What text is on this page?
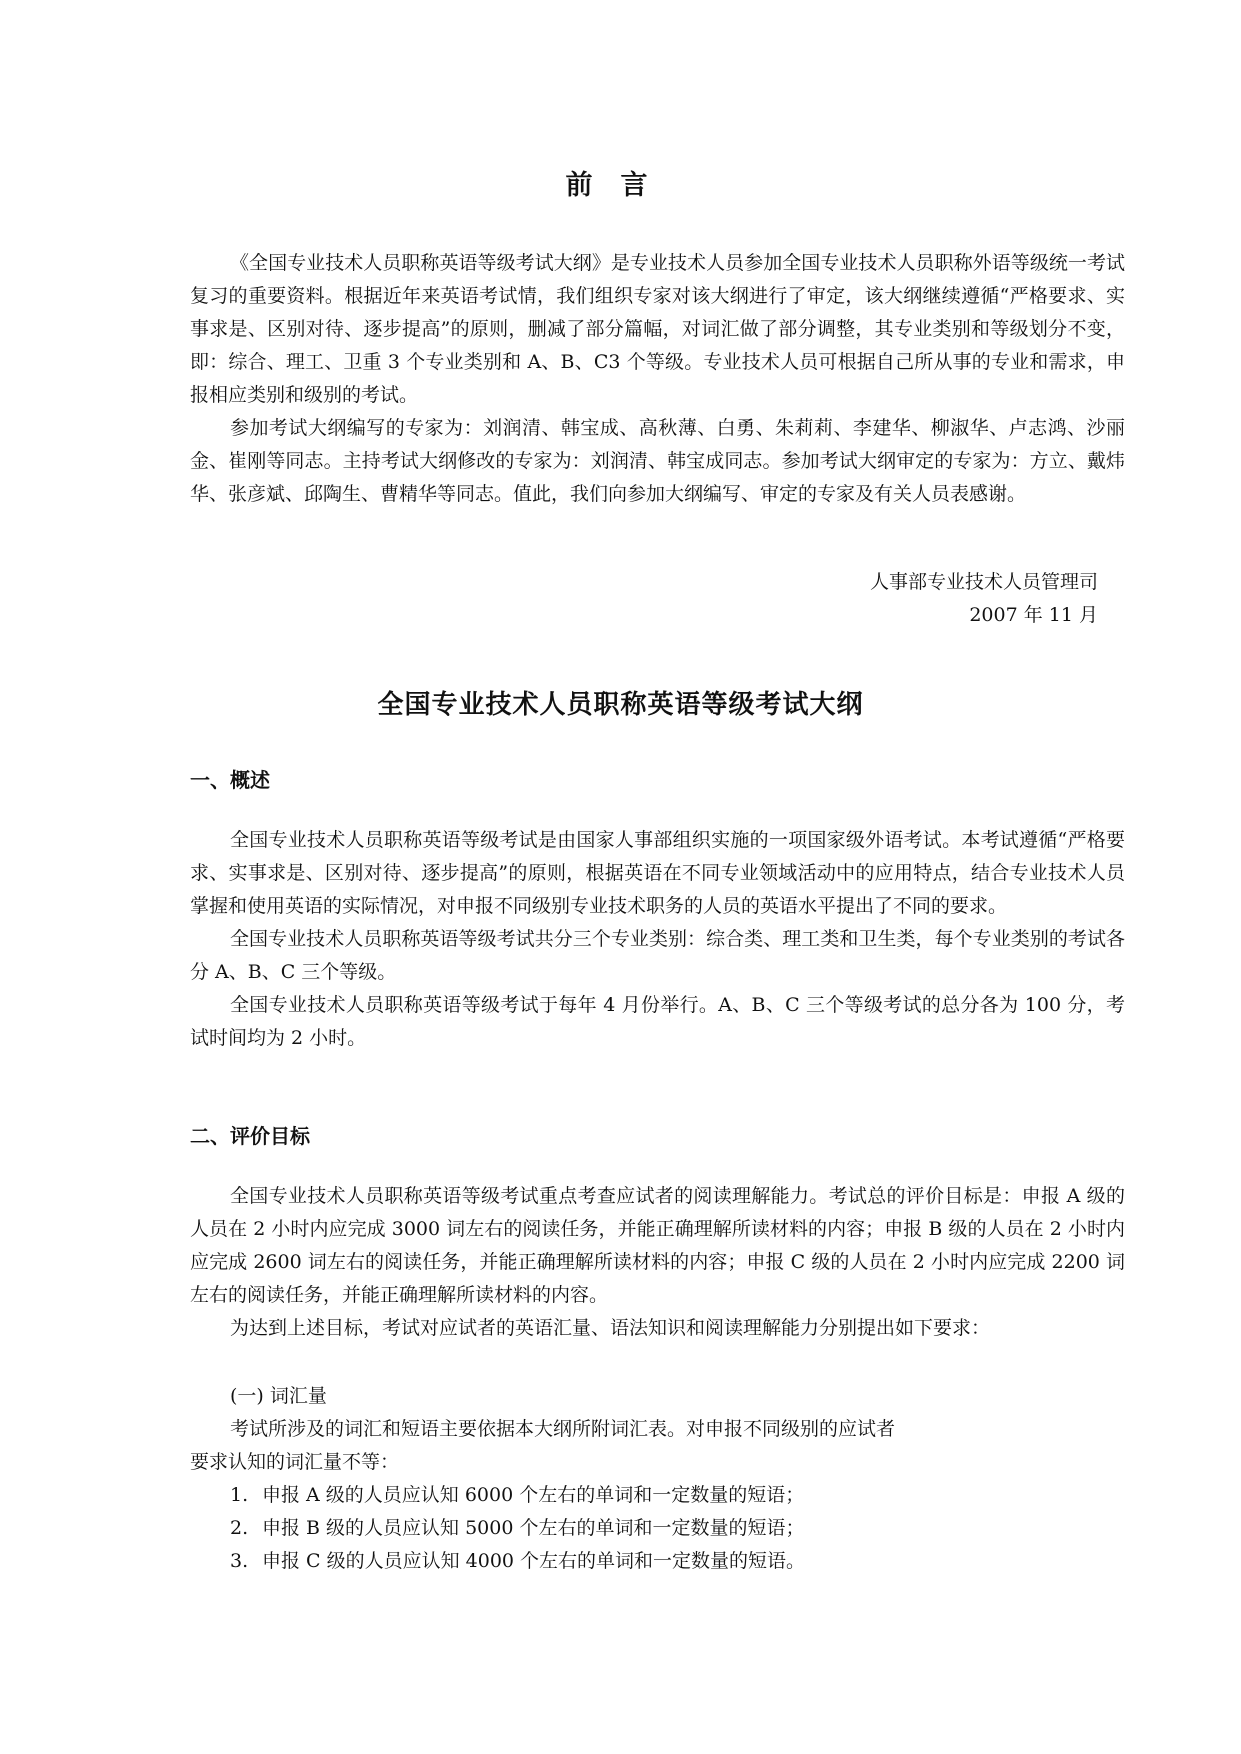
前言

《全国专业技术人员职称英语等级考试大纲》是专业技术人员参加全国专业技术人员职称外语等级统一考试复习的重要资料。根据近年来英语考试情，我们组织专家对该大纲进行了审定，该大纲继续遵循“严格要求、实事求是、区别对待、逐步提高”的原则，删减了部分篇幅，对词汇做了部分调整，其专业类别和等级划分不变，即：综合、理工、卫重 3 个专业类别和 A、B、C3 个等级。专业技术人员可根据自己所从事的专业和需求，申报相应类别和级别的考试。

参加考试大纲编写的专家为：刘润清、韩宝成、高秋薄、白勇、朱莉莉、李建华、柳淑华、卢志鸿、沙丽金、崔刚等同志。主持考试大纲修改的专家为：刘润清、韩宝成同志。参加考试大纲审定的专家为：方立、戴炜华、张彦斌、邱陶生、曹精华等同志。值此，我们向参加大纲编写、审定的专家及有关人员表感谢。

人事部专业技术人员管理司

2007 年 11 月

全国专业技术人员职称英语等级考试大纲
一、概述

全国专业技术人员职称英语等级考试是由国家人事部组织实施的一项国家级外语考试。本考试遵循“严格要求、实事求是、区别对待、逐步提高”的原则，根据英语在不同专业领域活动中的应用特点，结合专业技术人员掌握和使用英语的实际情况，对申报不同级别专业技术职务的人员的英语水平提出了不同的要求。

全国专业技术人员职称英语等级考试共分三个专业类别：综合类、理工类和卫生类，每个专业类别的考试各分 A、B、C 三个等级。

全国专业技术人员职称英语等级考试于每年 4 月份举行。A、B、C 三个等级考试的总分各为 100 分，考试时间均为 2 小时。

二、评价目标

全国专业技术人员职称英语等级考试重点考查应试者的阅读理解能力。考试总的评价目标是：申报 A 级的人员在 2 小时内应完成 3000 词左右的阅读任务，并能正确理解所读材料的内容；申报 B 级的人员在 2 小时内应完成 2600 词左右的阅读任务，并能正确理解所读材料的内容；申报 C 级的人员在 2 小时内应完成 2200 词左右的阅读任务，并能正确理解所读材料的内容。

为达到上述目标，考试对应试者的英语汇量、语法知识和阅读理解能力分别提出如下要求：

(一) 词汇量

考试所涉及的词汇和短语主要依据本大纲所附词汇表。对申报不同级别的应试者

要求认知的词汇量不等：

1. 申报 A 级的人员应认知 6000 个左右的单词和一定数量的短语；
2. 申报 B 级的人员应认知 5000 个左右的单词和一定数量的短语；
3. 申报 C 级的人员应认知 4000 个左右的单词和一定数量的短语。
